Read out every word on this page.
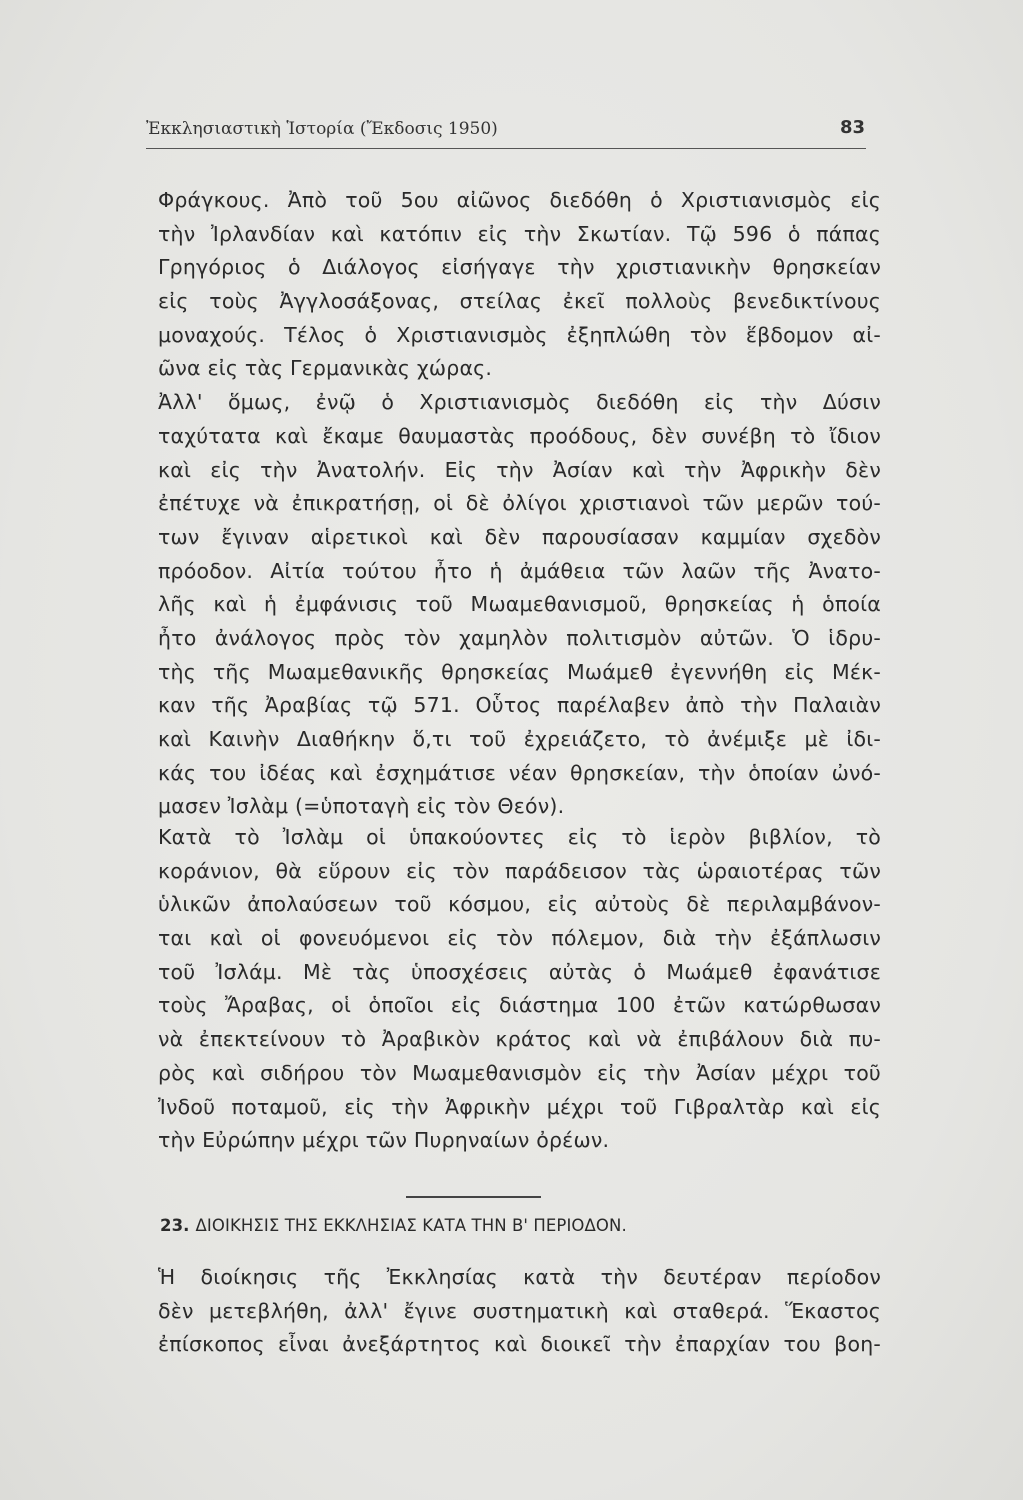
Ἐκκλησιαστικὴ Ἱστορία (Ἔκδοσις 1950)	83
Φράγκους. Ἀπὸ τοῦ 5ου αἰῶνος διεδόθη ὁ Χριστιανισμὸς εἰς
τὴν Ἰρλανδίαν καὶ κατόπιν εἰς τὴν Σκωτίαν. Τῷ 596 ὁ πάπας
Γρηγόριος ὁ Διάλογος εἰσήγαγε τὴν χριστιανικὴν θρησκείαν
εἰς τοὺς Ἀγγλοσάξονας, στείλας ἐκεῖ πολλοὺς βενεδικτίνους
μοναχούς. Τέλος ὁ Χριστιανισμὸς ἐξηπλώθη τὸν ἕβδομον αἰ-
ῶνα εἰς τὰς Γερμανικὰς χώρας.
Ἀλλ' ὅμως, ἐνῷ ὁ Χριστιανισμὸς διεδόθη εἰς τὴν Δύσιν
ταχύτατα καὶ ἔκαμε θαυμαστὰς προόδους, δὲν συνέβη τὸ ἴδιον
καὶ εἰς τὴν Ἀνατολήν. Εἰς τὴν Ἀσίαν καὶ τὴν Ἀφρικὴν δὲν
ἐπέτυχε νὰ ἐπικρατήσῃ, οἱ δὲ ὀλίγοι χριστιανοὶ τῶν μερῶν τού-
των ἔγιναν αἱρετικοὶ καὶ δὲν παρουσίασαν καμμίαν σχεδὸν
πρόοδον. Αἰτία τούτου ἦτο ἡ ἀμάθεια τῶν λαῶν τῆς Ἀνατο-
λῆς καὶ ἡ ἐμφάνισις τοῦ Μωαμεθανισμοῦ, θρησκείας ἡ ὁποία
ἦτο ἀνάλογος πρὸς τὸν χαμηλὸν πολιτισμὸν αὐτῶν. Ὁ ἱδρυ-
τὴς τῆς Μωαμεθανικῆς θρησκείας Μωάμεθ ἐγεννήθη εἰς Μέκ-
καν τῆς Ἀραβίας τῷ 571. Οὗτος παρέλαβεν ἀπὸ τὴν Παλαιὰν
καὶ Καινὴν Διαθήκην ὅ,τι τοῦ ἐχρειάζετο, τὸ ἀνέμιξε μὲ ἰδι-
κάς του ἰδέας καὶ ἐσχημάτισε νέαν θρησκείαν, τὴν ὁποίαν ὠνό-
μασεν Ἰσλὰμ (=ὑποταγὴ εἰς τὸν Θεόν).
Κατὰ τὸ Ἰσλὰμ οἱ ὑπακούοντες εἰς τὸ ἱερὸν βιβλίον, τὸ
κοράνιον, θὰ εὕρουν εἰς τὸν παράδεισον τὰς ὡραιοτέρας τῶν
ὑλικῶν ἀπολαύσεων τοῦ κόσμου, εἰς αὐτοὺς δὲ περιλαμβάνον-
ται καὶ οἱ φονευόμενοι εἰς τὸν πόλεμον, διὰ τὴν ἐξάπλωσιν
τοῦ Ἰσλάμ. Μὲ τὰς ὑποσχέσεις αὐτὰς ὁ Μωάμεθ ἐφανάτισε
τοὺς Ἄραβας, οἱ ὁποῖοι εἰς διάστημα 100 ἐτῶν κατώρθωσαν
νὰ ἐπεκτείνουν τὸ Ἀραβικὸν κράτος καὶ νὰ ἐπιβάλουν διὰ πυ-
ρὸς καὶ σιδήρου τὸν Μωαμεθανισμὸν εἰς τὴν Ἀσίαν μέχρι τοῦ
Ἰνδοῦ ποταμοῦ, εἰς τὴν Ἀφρικὴν μέχρι τοῦ Γιβραλτὰρ καὶ εἰς
τὴν Εὐρώπην μέχρι τῶν Πυρηναίων ὀρέων.
23. ΔΙΟΙΚΗΣΙΣ ΤΗΣ ΕΚΚΛΗΣΙΑΣ ΚΑΤΑ ΤΗΝ Β' ΠΕΡΙΟΔΟΝ.
Ἡ διοίκησις τῆς Ἐκκλησίας κατὰ τὴν δευτέραν περίοδον
δὲν μετεβλήθη, ἀλλ' ἔγινε συστηματικὴ καὶ σταθερά. Ἕκαστος
ἐπίσκοπος εἶναι ἀνεξάρτητος καὶ διοικεῖ τὴν ἐπαρχίαν του βοη-
